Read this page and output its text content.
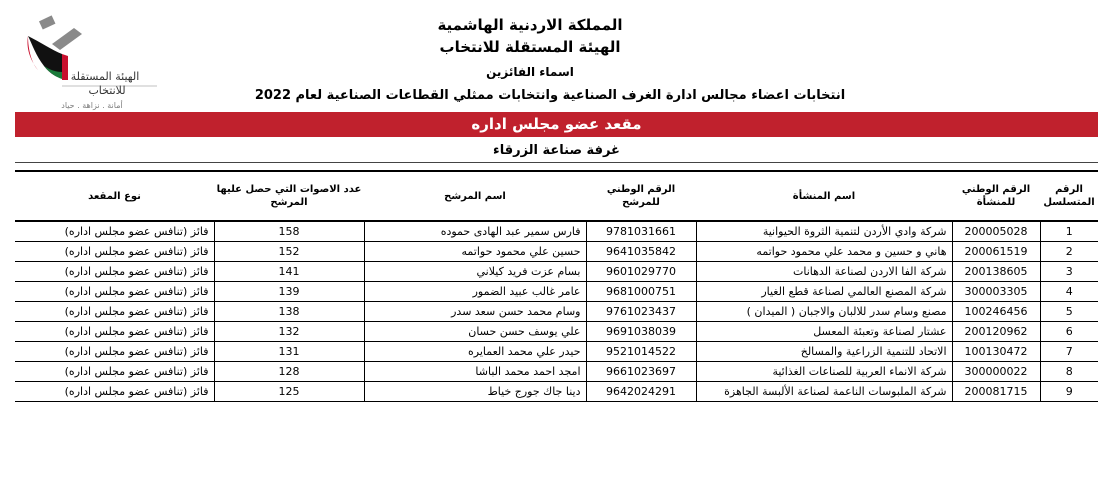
الهيئة المستقلة
للانتخاب
أمانة . نزاهة . حياد
المملكة الاردنية الهاشمية
الهيئة المستقلة للانتخاب
اسماء الفائزين
انتخابات اعضاء مجالس ادارة الغرف الصناعية وانتخابات ممثلي القطاعات الصناعية لعام 2022
مقعد عضو مجلس اداره
غرفة صناعة الزرقاء
الرقم المتسلسل	الرقم الوطني للمنشأة	اسم المنشأة	الرقم الوطني للمرشح	اسم المرشح	عدد الاصوات التي حصل عليها المرشح	نوع المقعد
1	200005028	شركة وادي الأردن لتنمية الثروة الحيوانية	9781031661	فارس سمير عبد الهادى حموده	158	فائز (تنافس عضو مجلس اداره)
2	200061519	هاني و حسين و محمد علي محمود حواتمه	9641035842	حسين علي محمود حواتمه	152	فائز (تنافس عضو مجلس اداره)
3	200138605	شركة الفا الاردن لصناعة الدهانات	9601029770	بسام عزت فريد كيلاني	141	فائز (تنافس عضو مجلس اداره)
4	300003305	شركة المصنع العالمي لصناعة قطع الغيار	9681000751	عامر غالب عبيد الضمور	139	فائز (تنافس عضو مجلس اداره)
5	100246456	مصنع وسام سدر للالبان والاجبان ( الميدان )	9761023437	وسام محمد حسن سعد سدر	138	فائز (تنافس عضو مجلس اداره)
6	200120962	عشتار لصناعة وتعبئة المعسل	9691038039	علي يوسف حسن حسان	132	فائز (تنافس عضو مجلس اداره)
7	100130472	الاتحاد للتنمية الزراعية والمسالخ	9521014522	حيدر علي محمد العمايره	131	فائز (تنافس عضو مجلس اداره)
8	300000022	شركة الانماء العربية للصناعات الغذائية	9661023697	امجد احمد محمد الباشا	128	فائز (تنافس عضو مجلس اداره)
9	200081715	شركة الملبوسات الناعمة لصناعة الألبسة الجاهزة	9642024291	دينا جاك جورج خياط	125	فائز (تنافس عضو مجلس اداره)
